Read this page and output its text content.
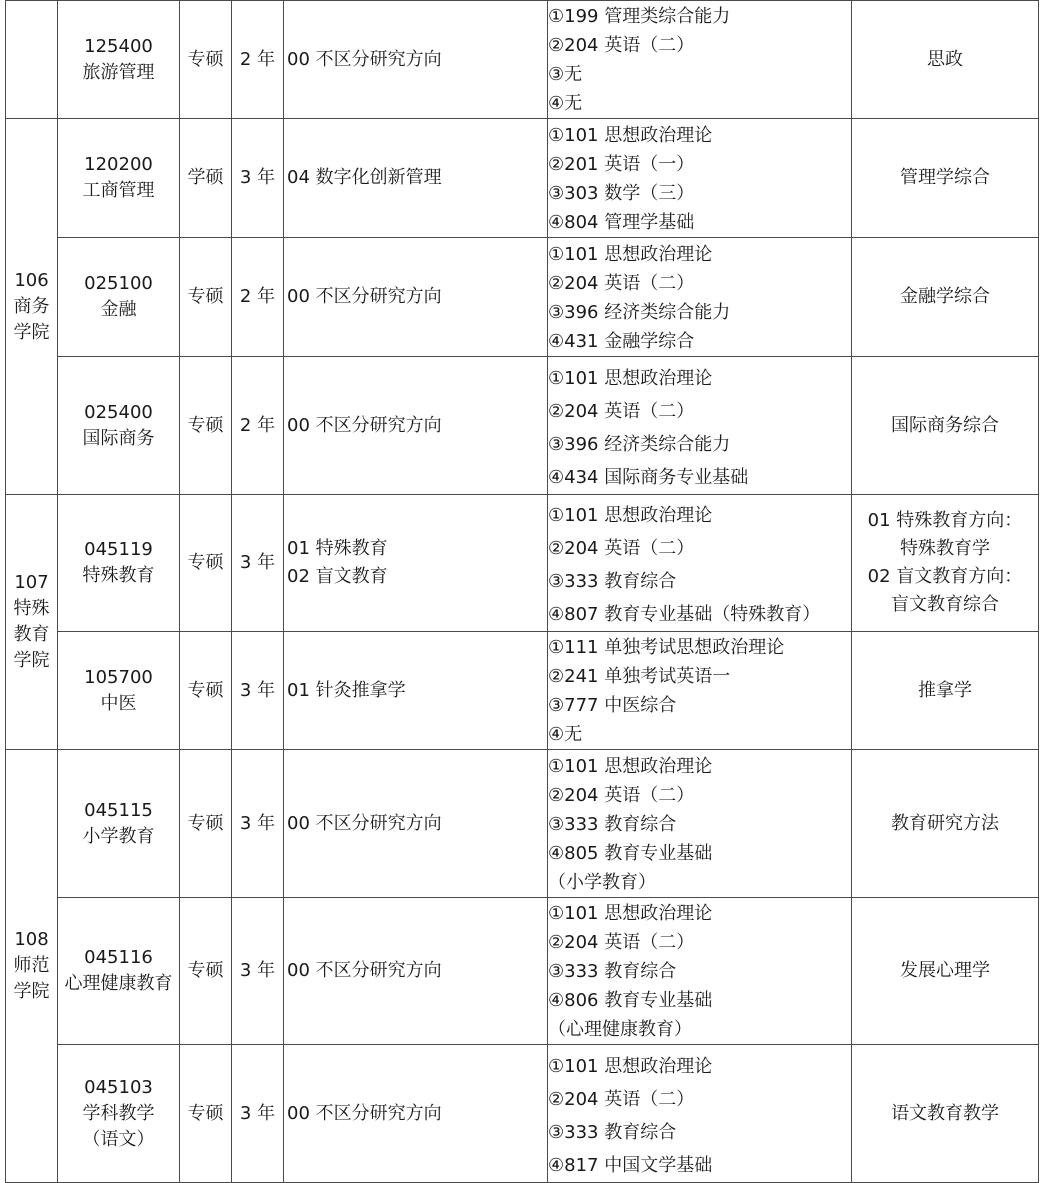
	125400
旅游管理	专硕	2 年	00 不区分研究方向	①199 管理类综合能力
②204 英语（二）
③无
④无	思政

106
商务
学院	120200
工商管理	学硕	3 年	04 数字化创新管理	①101 思想政治理论
②201 英语（一）
③303 数学（三）
④804 管理学基础	管理学综合

	025100
金融	专硕	2 年	00 不区分研究方向	①101 思想政治理论
②204 英语（二）
③396 经济类综合能力
④431 金融学综合	金融学综合

	025400
国际商务	专硕	2 年	00 不区分研究方向	①101 思想政治理论
②204 英语（二）
③396 经济类综合能力
④434 国际商务专业基础	国际商务综合

107
特殊
教育
学院	045119
特殊教育	专硕	3 年	01 特殊教育
02 盲文教育	①101 思想政治理论
②204 英语（二）
③333 教育综合
④807 教育专业基础（特殊教育）	01 特殊教育方向：
特殊教育学
02 盲文教育方向：
盲文教育综合

	105700
中医	专硕	3 年	01 针灸推拿学	①111 单独考试思想政治理论
②241 单独考试英语一
③777 中医综合
④无	推拿学

108
师范
学院	045115
小学教育	专硕	3 年	00 不区分研究方向	①101 思想政治理论
②204 英语（二）
③333 教育综合
④805 教育专业基础
（小学教育）	教育研究方法

	045116
心理健康教育	专硕	3 年	00 不区分研究方向	①101 思想政治理论
②204 英语（二）
③333 教育综合
④806 教育专业基础
（心理健康教育）	发展心理学

	045103
学科教学
（语文）	专硕	3 年	00 不区分研究方向	①101 思想政治理论
②204 英语（二）
③333 教育综合
④817 中国文学基础	语文教育教学
